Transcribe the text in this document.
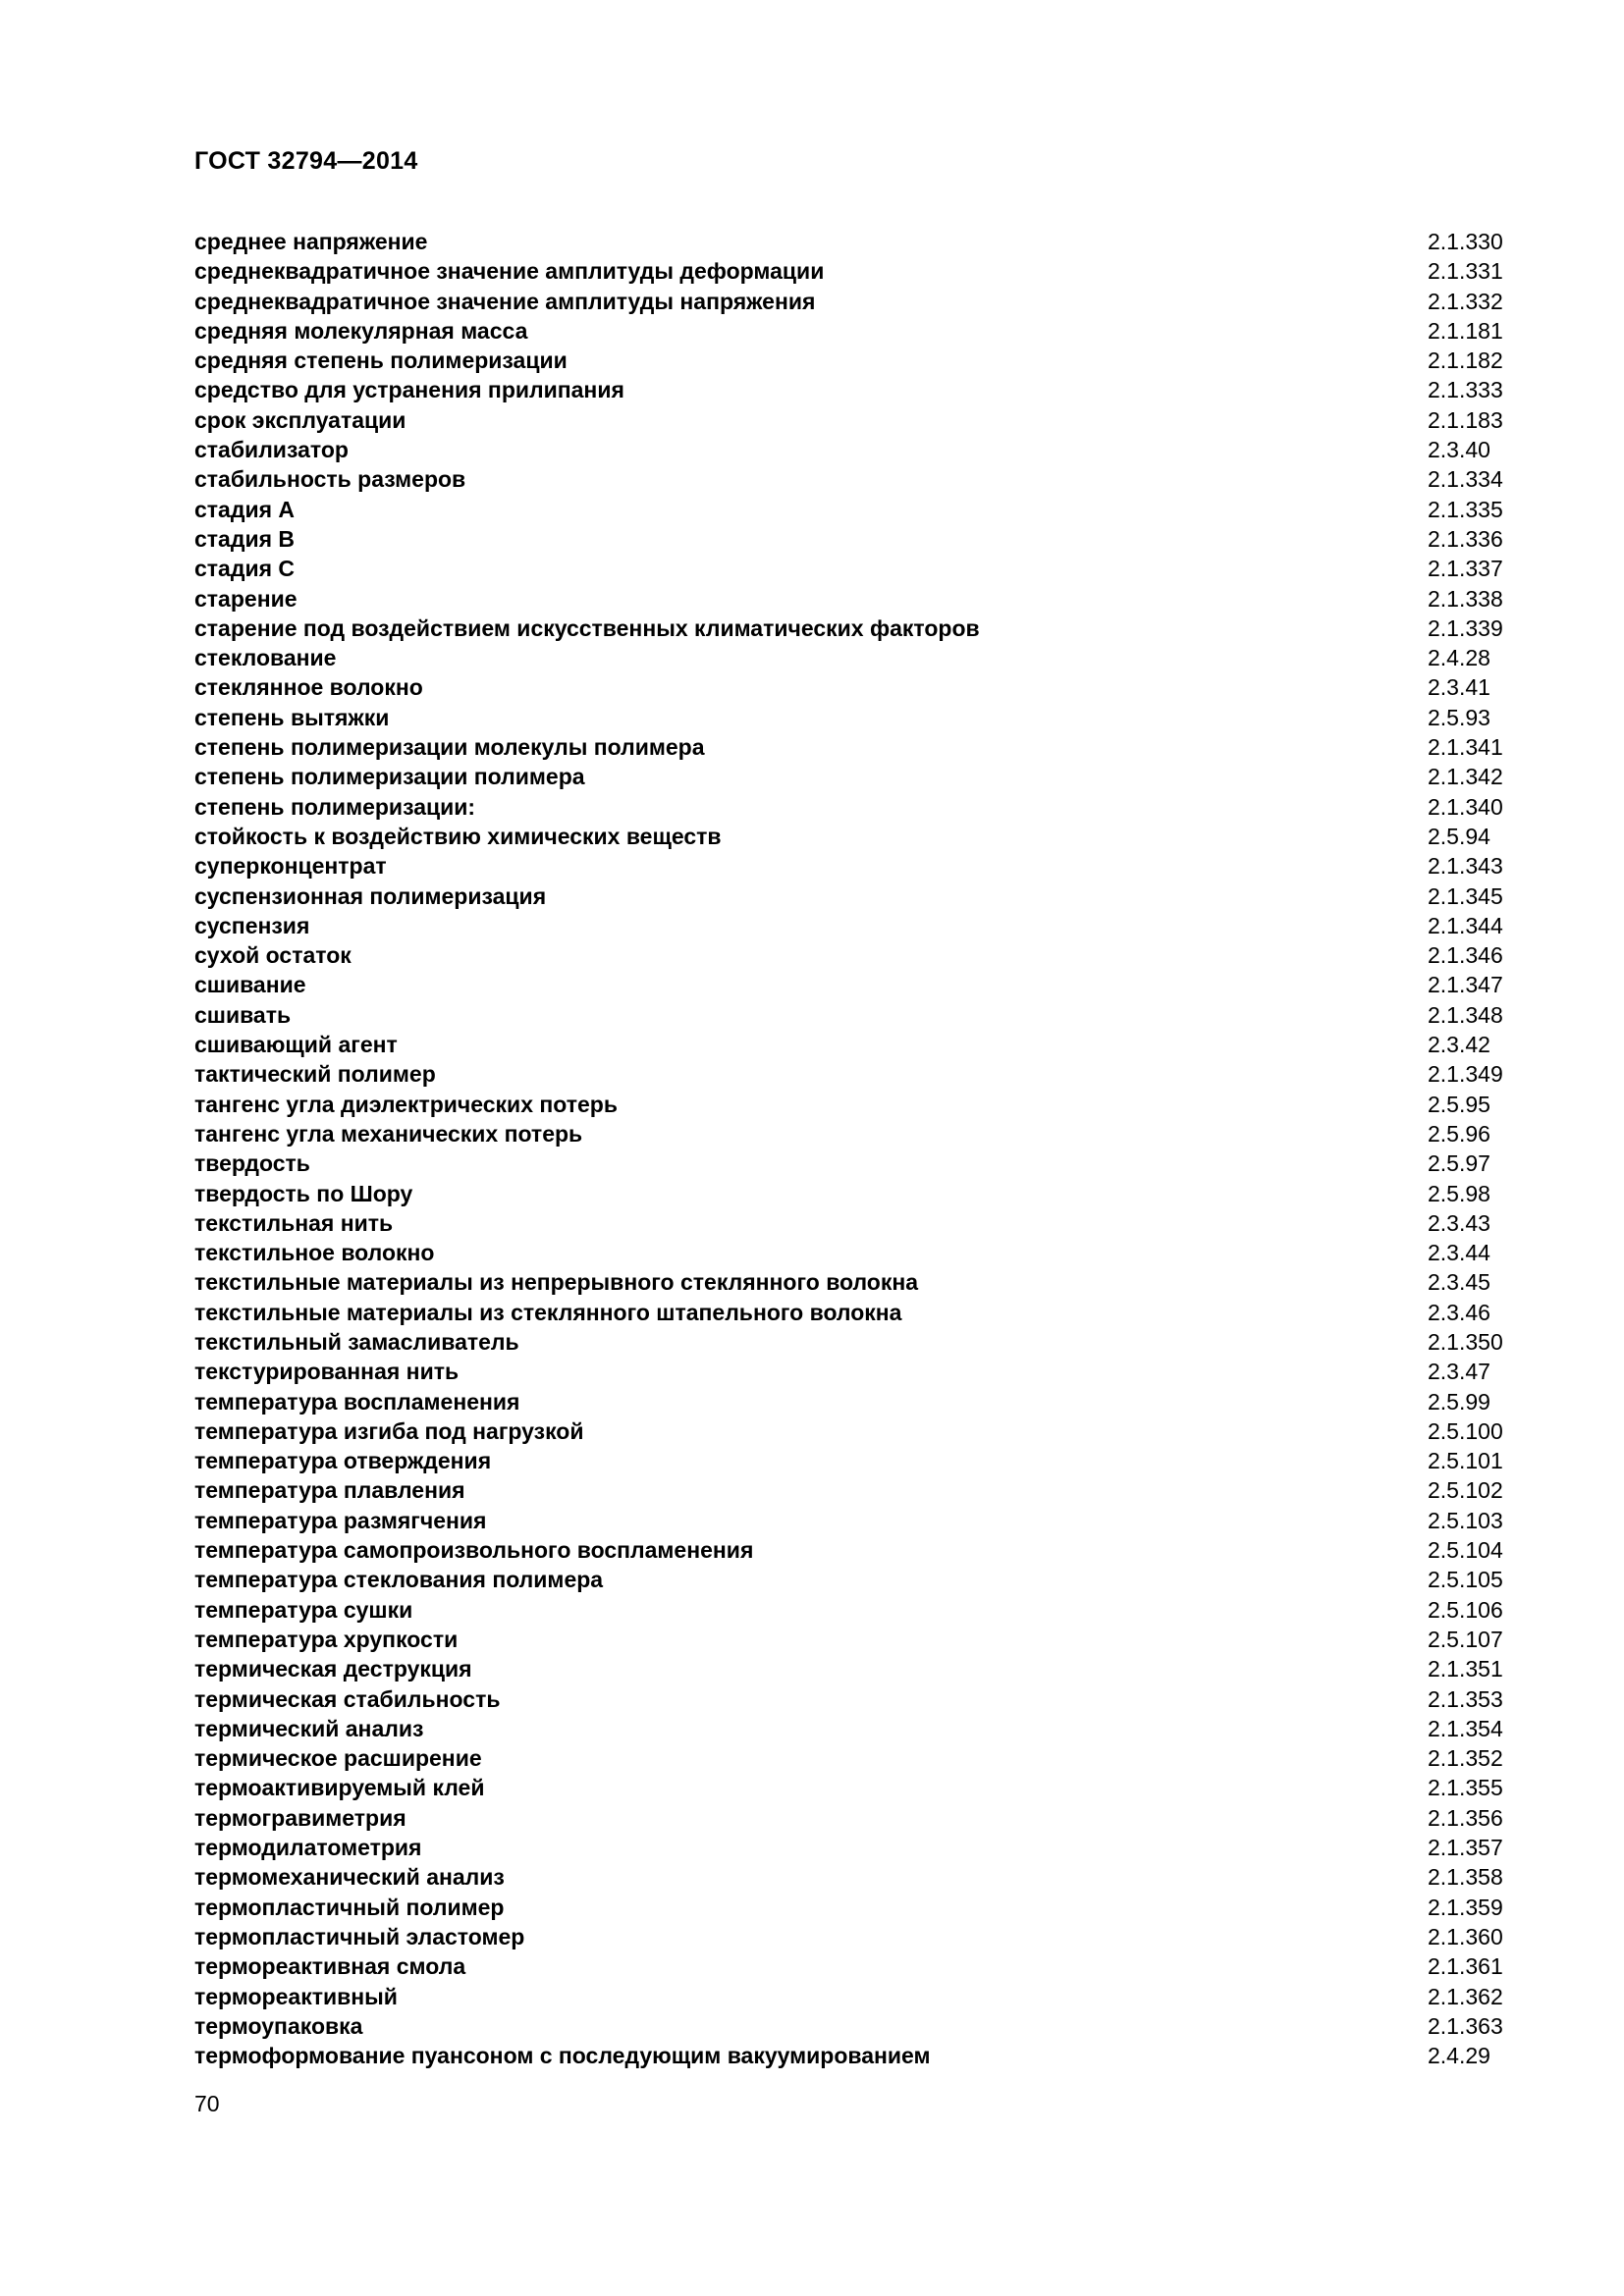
ГОСТ 32794—2014
среднее напряжение	2.1.330
среднеквадратичное значение амплитуды деформации	2.1.331
среднеквадратичное значение амплитуды напряжения	2.1.332
средняя молекулярная масса	2.1.181
средняя степень полимеризации	2.1.182
средство для устранения прилипания	2.1.333
срок эксплуатации	2.1.183
стабилизатор	2.3.40
стабильность размеров	2.1.334
стадия А	2.1.335
стадия В	2.1.336
стадия С	2.1.337
старение	2.1.338
старение под воздействием искусственных климатических факторов	2.1.339
стеклование	2.4.28
стеклянное волокно	2.3.41
степень вытяжки	2.5.93
степень полимеризации молекулы полимера	2.1.341
степень полимеризации полимера	2.1.342
степень полимеризации:	2.1.340
стойкость к воздействию химических веществ	2.5.94
суперконцентрат	2.1.343
суспензионная полимеризация	2.1.345
суспензия	2.1.344
сухой остаток	2.1.346
сшивание	2.1.347
сшивать	2.1.348
сшивающий агент	2.3.42
тактический полимер	2.1.349
тангенс угла диэлектрических потерь	2.5.95
тангенс угла механических потерь	2.5.96
твердость	2.5.97
твердость по Шору	2.5.98
текстильная нить	2.3.43
текстильное волокно	2.3.44
текстильные материалы из непрерывного стеклянного волокна	2.3.45
текстильные материалы из стеклянного штапельного волокна	2.3.46
текстильный замасливатель	2.1.350
текстурированная нить	2.3.47
температура воспламенения	2.5.99
температура изгиба под нагрузкой	2.5.100
температура отверждения	2.5.101
температура плавления	2.5.102
температура размягчения	2.5.103
температура самопроизвольного воспламенения	2.5.104
температура стеклования полимера	2.5.105
температура сушки	2.5.106
температура хрупкости	2.5.107
термическая деструкция	2.1.351
термическая стабильность	2.1.353
термический анализ	2.1.354
термическое расширение	2.1.352
термоактивируемый клей	2.1.355
термогравиметрия	2.1.356
термодилатометрия	2.1.357
термомеханический анализ	2.1.358
термопластичный полимер	2.1.359
термопластичный эластомер	2.1.360
термореактивная смола	2.1.361
термореактивный	2.1.362
термоупаковка	2.1.363
термоформование пуансоном с последующим вакуумированием	2.4.29
70
